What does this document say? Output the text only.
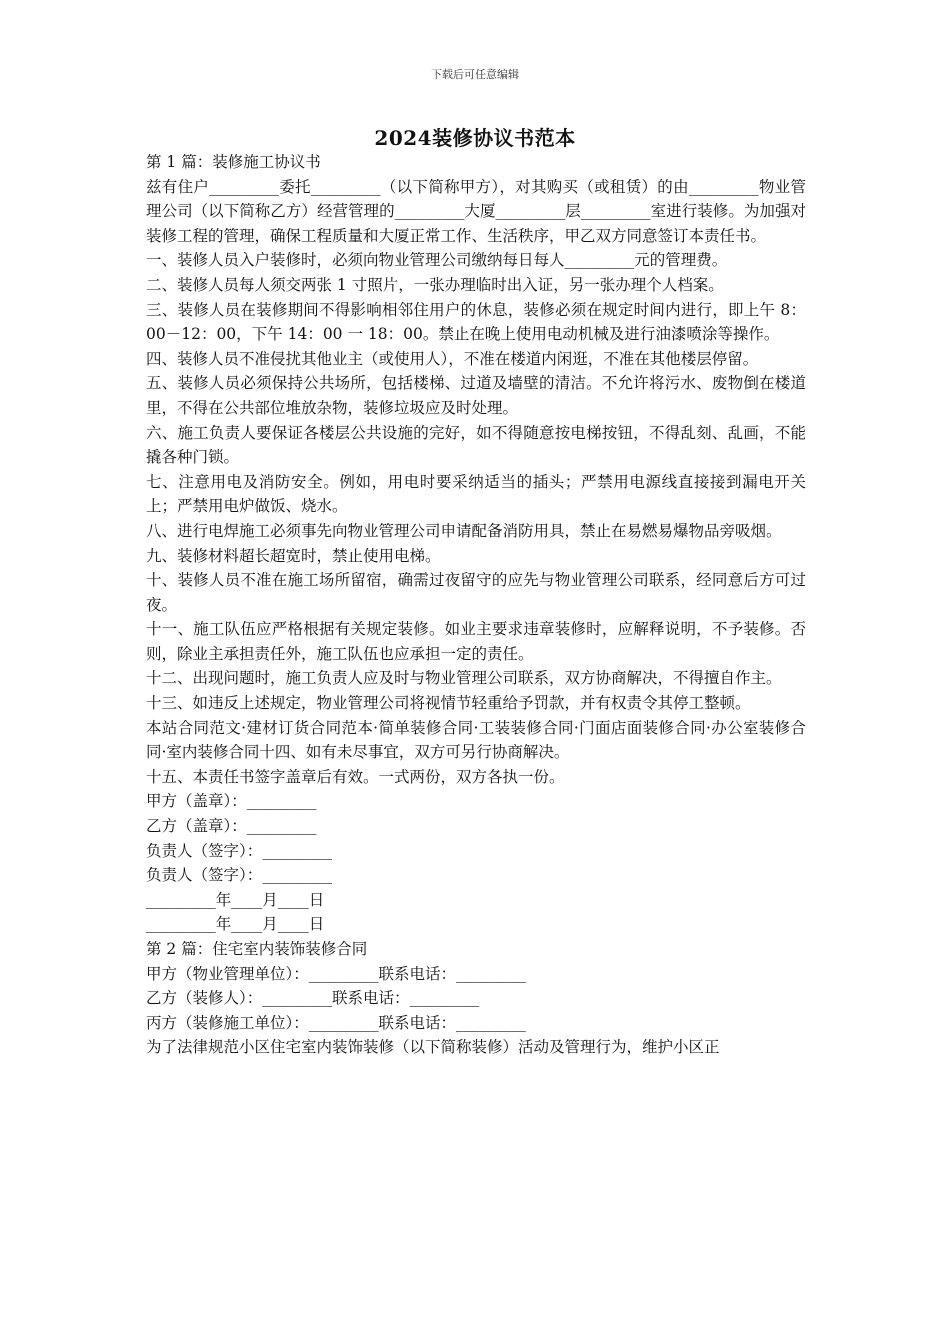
下载后可任意编辑
2024装修协议书范本

第 1 篇：装修施工协议书

兹有住户_________委托_________（以下简称甲方），对其购买（或租赁）的由_________物业管理公司（以下简称乙方）经营管理的_________大厦_________层_________室进行装修。为加强对装修工程的管理，确保工程质量和大厦正常工作、生活秩序，甲乙双方同意签订本责任书。

一、装修人员入户装修时，必须向物业管理公司缴纳每日每人_________元的管理费。

二、装修人员每人须交两张 1 寸照片，一张办理临时出入证，另一张办理个人档案。

三、装修人员在装修期间不得影响相邻住用户的休息，装修必须在规定时间内进行，即上午 8：00－12：00，下午 14：00 一 18：00。禁止在晚上使用电动机械及进行油漆喷涂等操作。

四、装修人员不准侵扰其他业主（或使用人），不准在楼道内闲逛，不准在其他楼层停留。

五、装修人员必须保持公共场所，包括楼梯、过道及墙壁的清洁。不允许将污水、废物倒在楼道里，不得在公共部位堆放杂物，装修垃圾应及时处理。

六、施工负责人要保证各楼层公共设施的完好，如不得随意按电梯按钮，不得乱刻、乱画，不能撬各种门锁。

七、注意用电及消防安全。例如，用电时要采纳适当的插头；严禁用电源线直接接到漏电开关上；严禁用电炉做饭、烧水。

八、进行电焊施工必须事先向物业管理公司申请配备消防用具，禁止在易燃易爆物品旁吸烟。

九、装修材料超长超宽时，禁止使用电梯。

十、装修人员不准在施工场所留宿，确需过夜留守的应先与物业管理公司联系，经同意后方可过夜。

十一、施工队伍应严格根据有关规定装修。如业主要求违章装修时，应解释说明，不予装修。否则，除业主承担责任外，施工队伍也应承担一定的责任。

十二、出现问题时，施工负责人应及时与物业管理公司联系，双方协商解决，不得擅自作主。

十三、如违反上述规定，物业管理公司将视情节轻重给予罚款，并有权责令其停工整顿。

本站合同范文·建材订货合同范本·简单装修合同·工装装修合同·门面店面装修合同·办公室装修合同·室内装修合同十四、如有未尽事宜，双方可另行协商解决。

十五、本责任书签字盖章后有效。一式两份，双方各执一份。

甲方（盖章）：_________

乙方（盖章）：_________

负责人（签字）：_________

负责人（签字）：_________

_________年____月____日

_________年____月____日

第 2 篇：住宅室内装饰装修合同

甲方（物业管理单位）：_________联系电话：_________

乙方（装修人）：_________联系电话：_________

丙方（装修施工单位）：_________联系电话：_________

为了法律规范小区住宅室内装饰装修（以下简称装修）活动及管理行为，维护小区正
